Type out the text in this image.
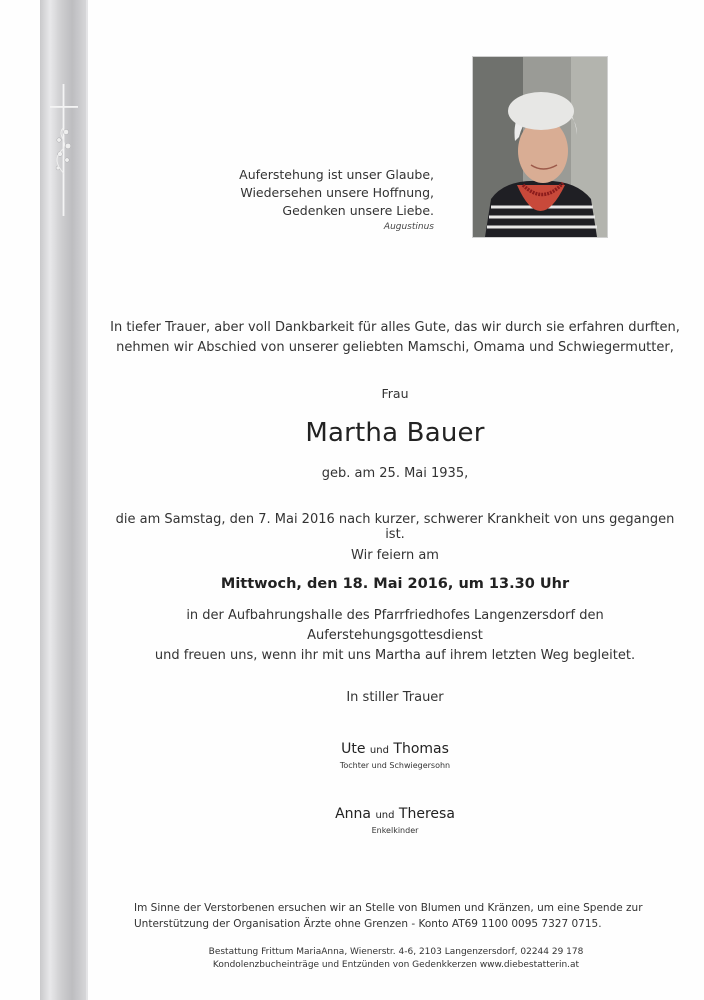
Auferstehung ist unser Glaube,
Wiedersehen unsere Hoffnung,
Gedenken unsere Liebe.
Augustinus
In tiefer Trauer, aber voll Dankbarkeit für alles Gute, das wir durch sie erfahren durften,
nehmen wir Abschied von unserer geliebten Mamschi, Omama und Schwiegermutter,
Frau
Martha Bauer
geb. am 25. Mai 1935,
die am Samstag, den 7. Mai 2016 nach kurzer, schwerer Krankheit von uns gegangen ist.
Wir feiern am
Mittwoch, den 18. Mai 2016, um 13.30 Uhr
in der Aufbahrungshalle des Pfarrfriedhofes Langenzersdorf den Auferstehungsgottesdienst
und freuen uns, wenn ihr mit uns Martha auf ihrem letzten Weg begleitet.
In stiller Trauer
Ute und Thomas
Tochter und Schwiegersohn
Anna und Theresa
Enkelkinder
Im Sinne der Verstorbenen ersuchen wir an Stelle von Blumen und Kränzen, um eine Spende zur
Unterstützung der Organisation Ärzte ohne Grenzen - Konto AT69 1100 0095 7327 0715.
Bestattung Frittum MariaAnna, Wienerstr. 4-6, 2103 Langenzersdorf, 02244 29 178
Kondolenzbucheinträge und Entzünden von Gedenkkerzen www.diebestatterin.at
